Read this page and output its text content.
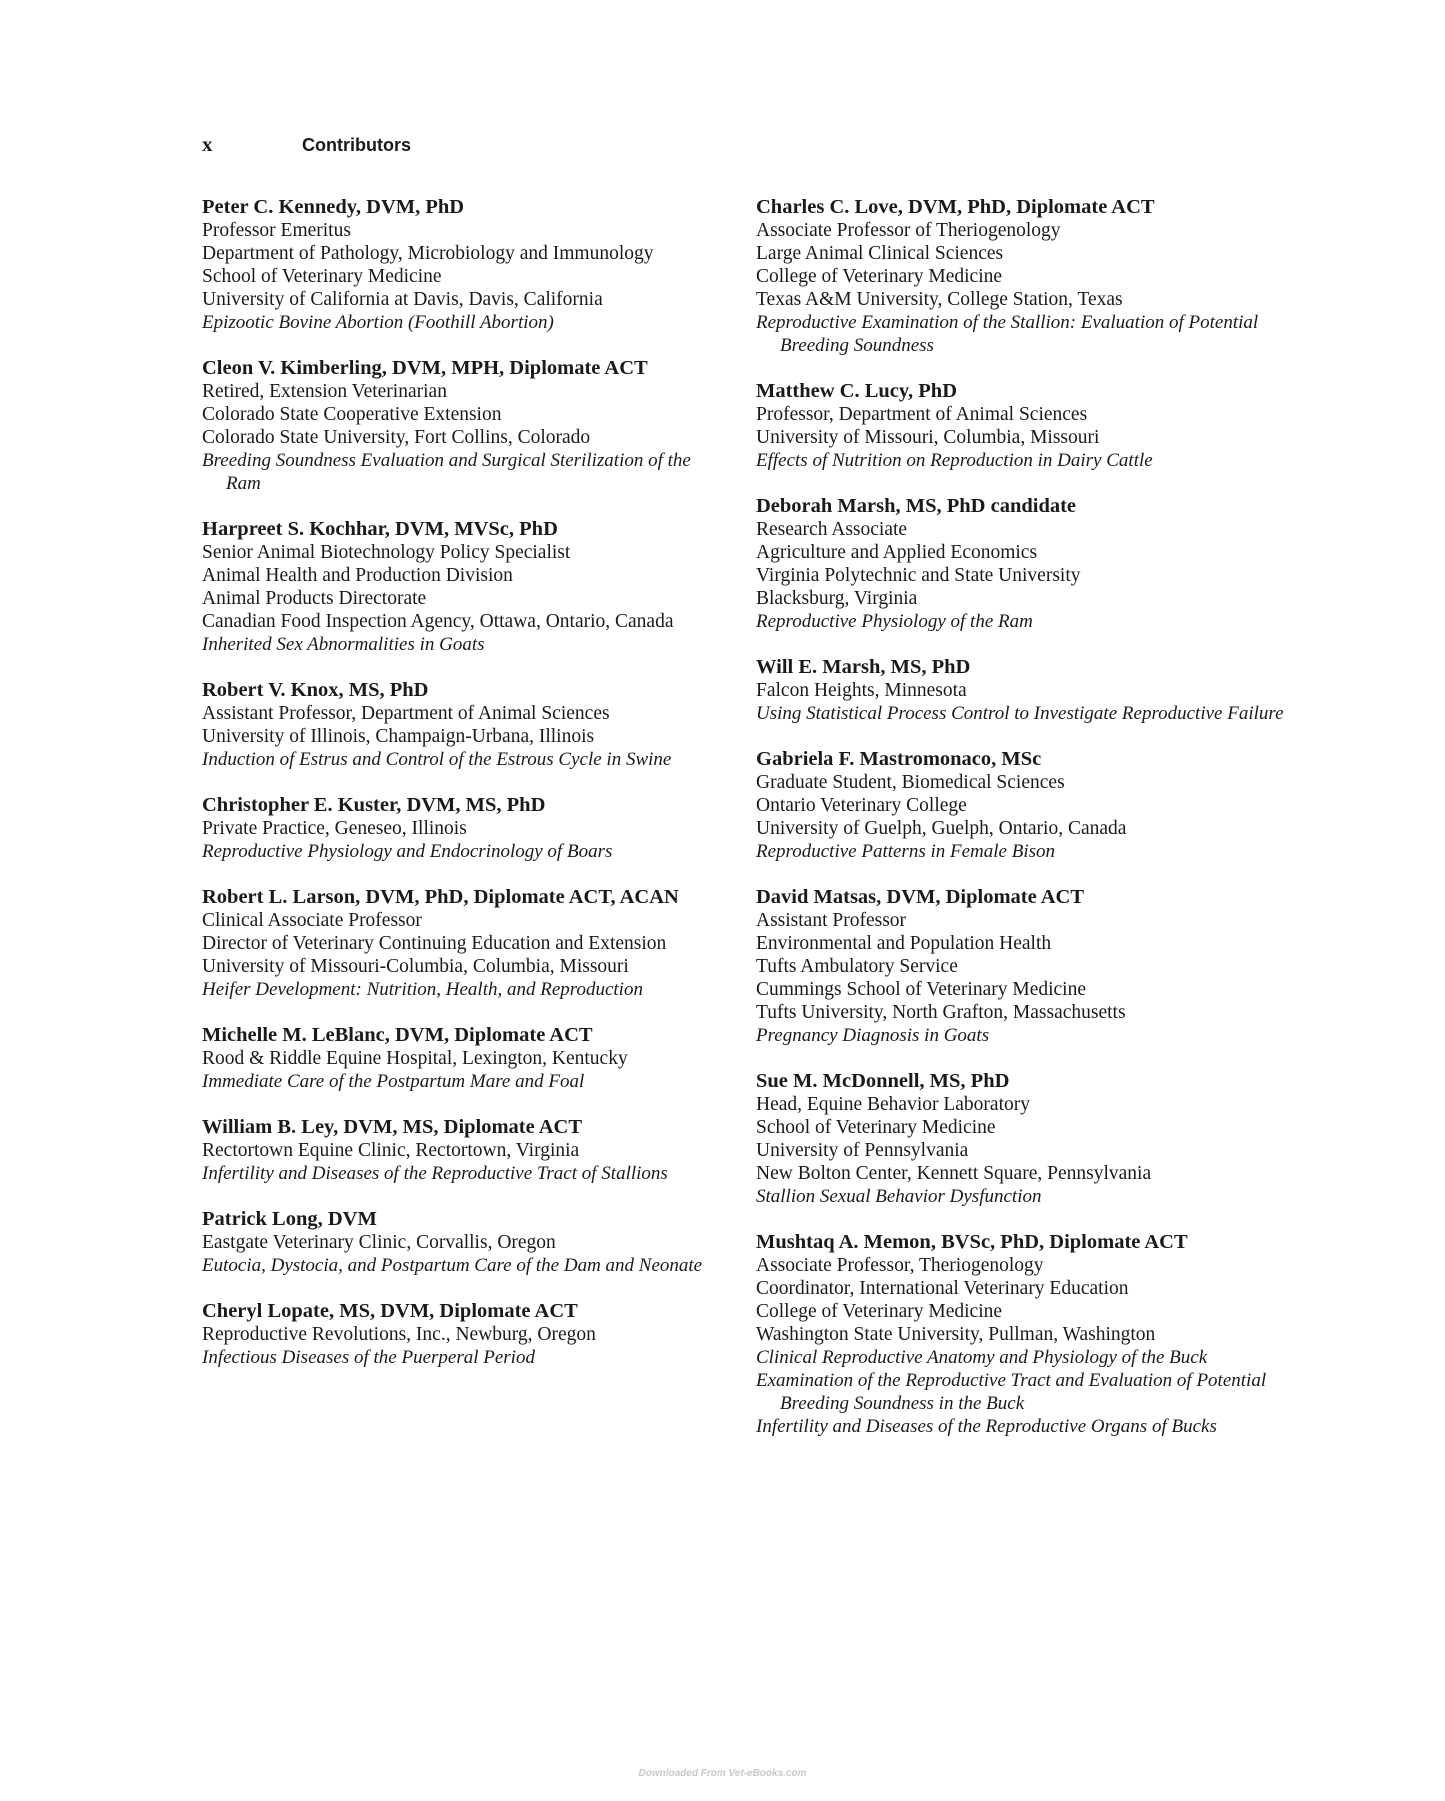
x	Contributors
Peter C. Kennedy, DVM, PhD
Professor Emeritus
Department of Pathology, Microbiology and Immunology
School of Veterinary Medicine
University of California at Davis, Davis, California
Epizootic Bovine Abortion (Foothill Abortion)
Cleon V. Kimberling, DVM, MPH, Diplomate ACT
Retired, Extension Veterinarian
Colorado State Cooperative Extension
Colorado State University, Fort Collins, Colorado
Breeding Soundness Evaluation and Surgical Sterilization of the Ram
Harpreet S. Kochhar, DVM, MVSc, PhD
Senior Animal Biotechnology Policy Specialist
Animal Health and Production Division
Animal Products Directorate
Canadian Food Inspection Agency, Ottawa, Ontario, Canada
Inherited Sex Abnormalities in Goats
Robert V. Knox, MS, PhD
Assistant Professor, Department of Animal Sciences
University of Illinois, Champaign-Urbana, Illinois
Induction of Estrus and Control of the Estrous Cycle in Swine
Christopher E. Kuster, DVM, MS, PhD
Private Practice, Geneseo, Illinois
Reproductive Physiology and Endocrinology of Boars
Robert L. Larson, DVM, PhD, Diplomate ACT, ACAN
Clinical Associate Professor
Director of Veterinary Continuing Education and Extension
University of Missouri-Columbia, Columbia, Missouri
Heifer Development: Nutrition, Health, and Reproduction
Michelle M. LeBlanc, DVM, Diplomate ACT
Rood & Riddle Equine Hospital, Lexington, Kentucky
Immediate Care of the Postpartum Mare and Foal
William B. Ley, DVM, MS, Diplomate ACT
Rectortown Equine Clinic, Rectortown, Virginia
Infertility and Diseases of the Reproductive Tract of Stallions
Patrick Long, DVM
Eastgate Veterinary Clinic, Corvallis, Oregon
Eutocia, Dystocia, and Postpartum Care of the Dam and Neonate
Cheryl Lopate, MS, DVM, Diplomate ACT
Reproductive Revolutions, Inc., Newburg, Oregon
Infectious Diseases of the Puerperal Period
Charles C. Love, DVM, PhD, Diplomate ACT
Associate Professor of Theriogenology
Large Animal Clinical Sciences
College of Veterinary Medicine
Texas A&M University, College Station, Texas
Reproductive Examination of the Stallion: Evaluation of Potential Breeding Soundness
Matthew C. Lucy, PhD
Professor, Department of Animal Sciences
University of Missouri, Columbia, Missouri
Effects of Nutrition on Reproduction in Dairy Cattle
Deborah Marsh, MS, PhD candidate
Research Associate
Agriculture and Applied Economics
Virginia Polytechnic and State University
Blacksburg, Virginia
Reproductive Physiology of the Ram
Will E. Marsh, MS, PhD
Falcon Heights, Minnesota
Using Statistical Process Control to Investigate Reproductive Failure
Gabriela F. Mastromonaco, MSc
Graduate Student, Biomedical Sciences
Ontario Veterinary College
University of Guelph, Guelph, Ontario, Canada
Reproductive Patterns in Female Bison
David Matsas, DVM, Diplomate ACT
Assistant Professor
Environmental and Population Health
Tufts Ambulatory Service
Cummings School of Veterinary Medicine
Tufts University, North Grafton, Massachusetts
Pregnancy Diagnosis in Goats
Sue M. McDonnell, MS, PhD
Head, Equine Behavior Laboratory
School of Veterinary Medicine
University of Pennsylvania
New Bolton Center, Kennett Square, Pennsylvania
Stallion Sexual Behavior Dysfunction
Mushtaq A. Memon, BVSc, PhD, Diplomate ACT
Associate Professor, Theriogenology
Coordinator, International Veterinary Education
College of Veterinary Medicine
Washington State University, Pullman, Washington
Clinical Reproductive Anatomy and Physiology of the Buck
Examination of the Reproductive Tract and Evaluation of Potential Breeding Soundness in the Buck
Infertility and Diseases of the Reproductive Organs of Bucks
Downloaded From Vet-eBooks.com
